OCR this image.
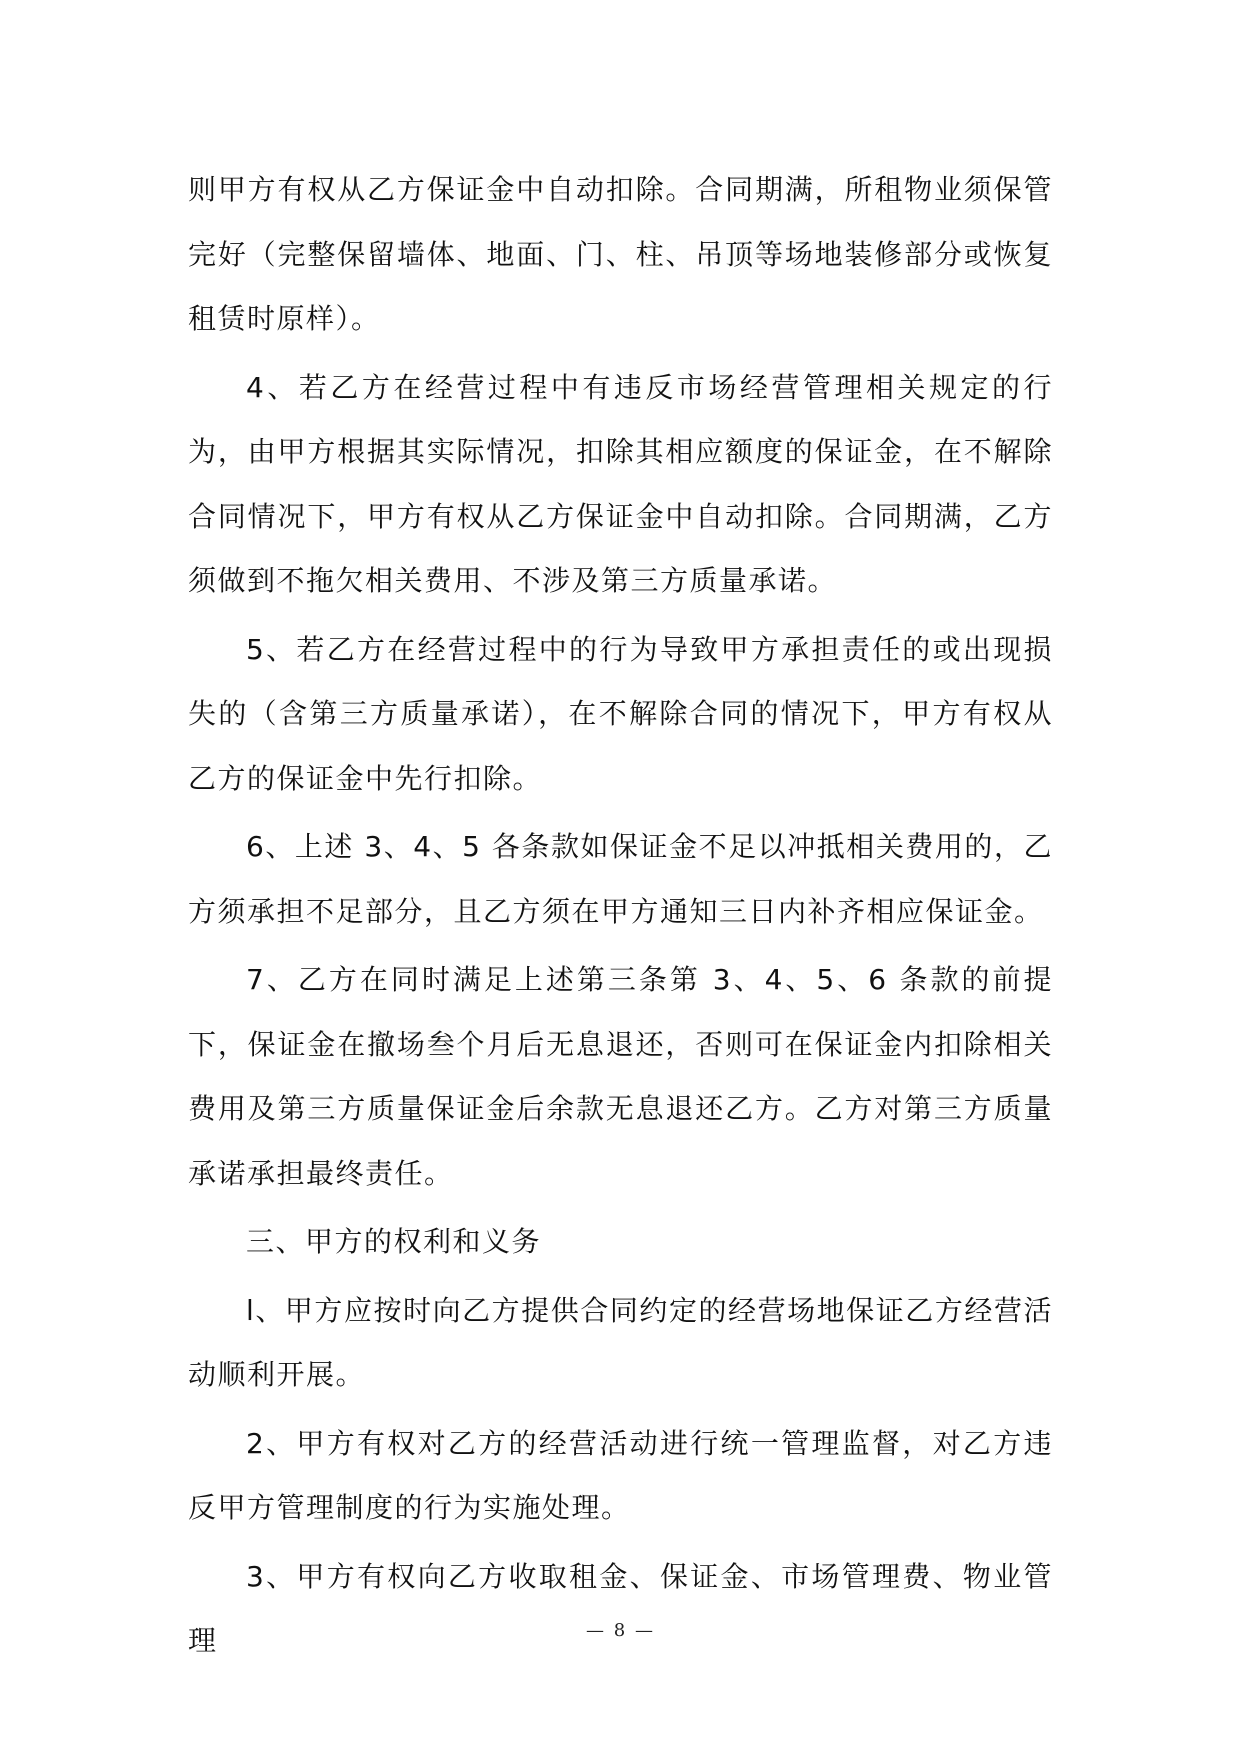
则甲方有权从乙方保证金中自动扣除。合同期满，所租物业须保管完好（完整保留墙体、地面、门、柱、吊顶等场地装修部分或恢复租赁时原样）。

4、若乙方在经营过程中有违反市场经营管理相关规定的行为，由甲方根据其实际情况，扣除其相应额度的保证金，在不解除合同情况下，甲方有权从乙方保证金中自动扣除。合同期满，乙方须做到不拖欠相关费用、不涉及第三方质量承诺。

5、若乙方在经营过程中的行为导致甲方承担责任的或出现损失的（含第三方质量承诺），在不解除合同的情况下，甲方有权从乙方的保证金中先行扣除。

6、上述 3、4、5 各条款如保证金不足以冲抵相关费用的，乙方须承担不足部分，且乙方须在甲方通知三日内补齐相应保证金。

7、乙方在同时满足上述第三条第 3、4、5、6 条款的前提下，保证金在撤场叁个月后无息退还，否则可在保证金内扣除相关费用及第三方质量保证金后余款无息退还乙方。乙方对第三方质量承诺承担最终责任。

三、甲方的权利和义务

l、甲方应按时向乙方提供合同约定的经营场地保证乙方经营活动顺利开展。

2、甲方有权对乙方的经营活动进行统一管理监督，对乙方违反甲方管理制度的行为实施处理。

3、甲方有权向乙方收取租金、保证金、市场管理费、物业管理	— 8 —
